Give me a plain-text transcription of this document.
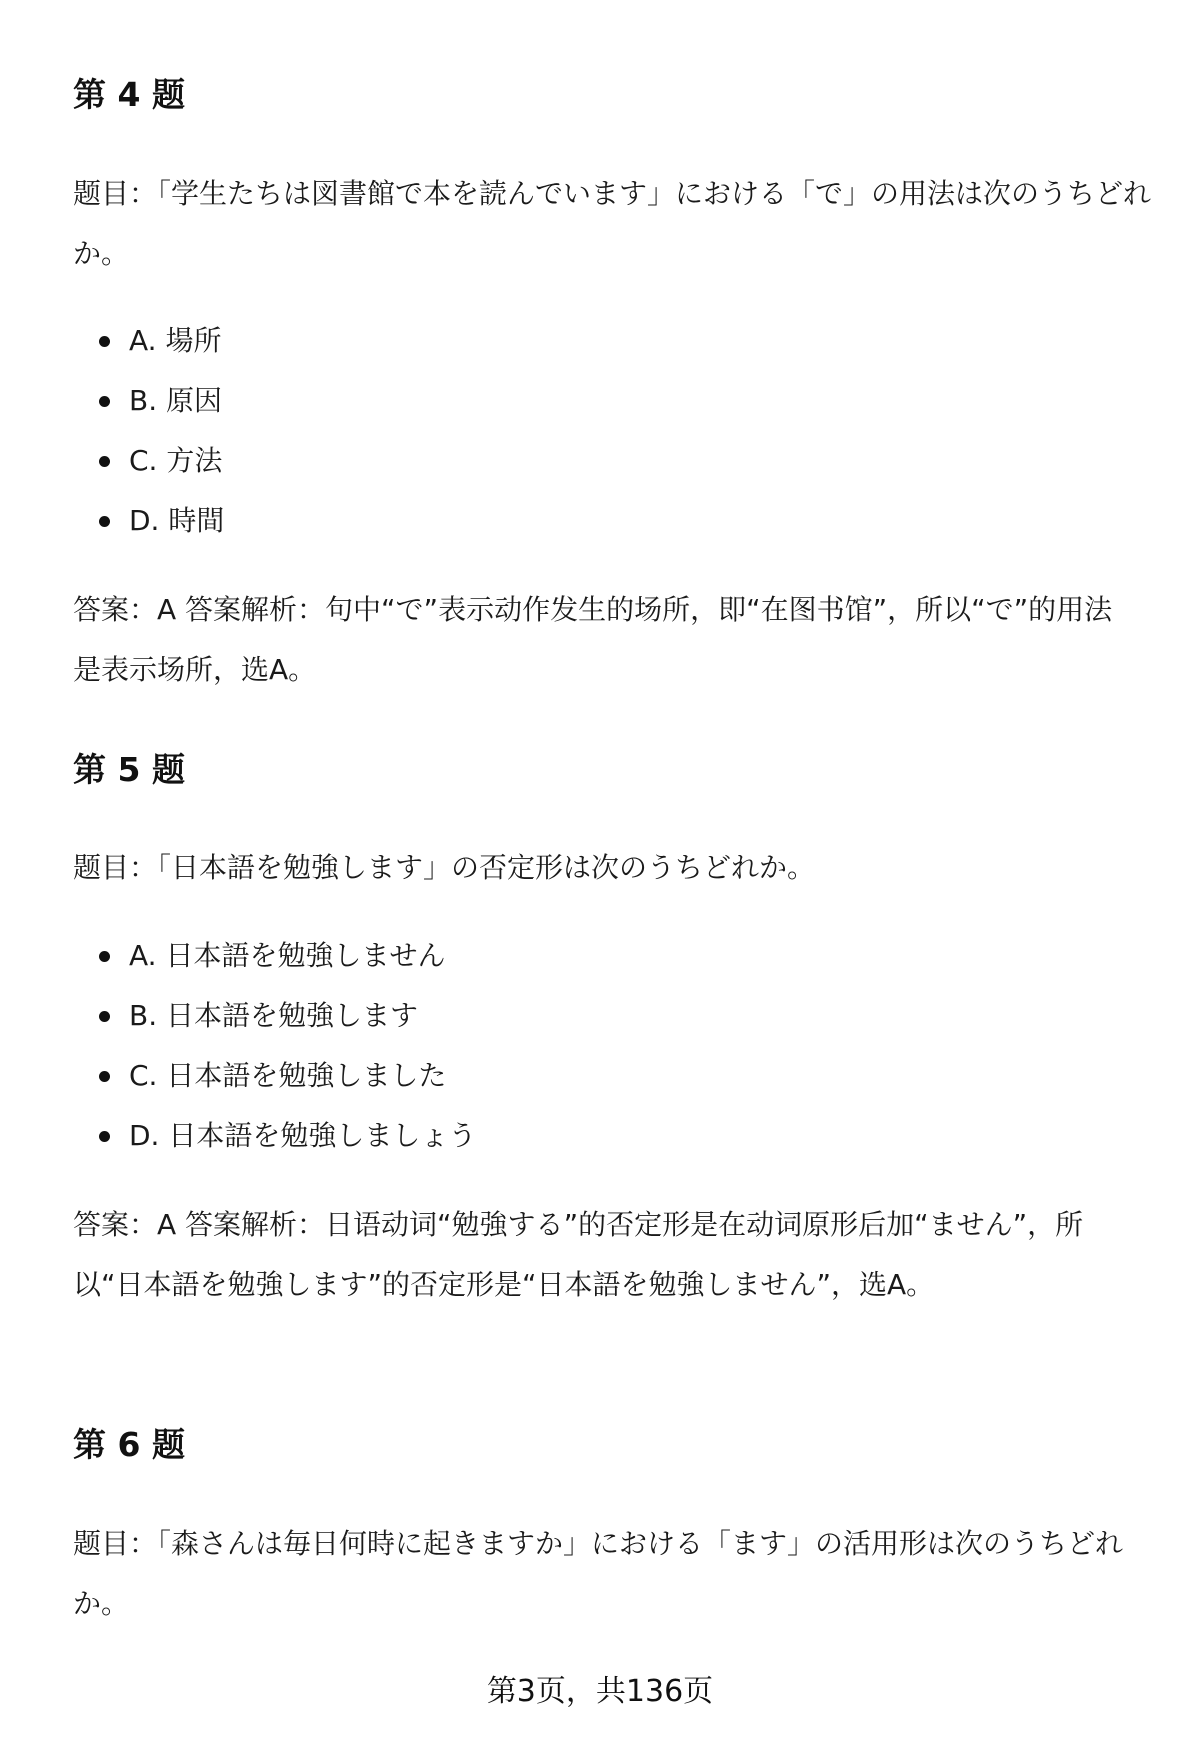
第 4 题

题目：「学生たちは図書館で本を読んでいます」における「で」の用法は次のうちどれか。

A. 場所
B. 原因
C. 方法
D. 時間

答案：A 答案解析：句中“で”表示动作发生的场所，即“在图书馆”，所以“で”的用法是表示场所，选A。

第 5 题

题目：「日本語を勉強します」の否定形は次のうちどれか。

A. 日本語を勉強しません
B. 日本語を勉強します
C. 日本語を勉強しました
D. 日本語を勉強しましょう

答案：A 答案解析：日语动词“勉強する”的否定形是在动词原形后加“ません”，所以“日本語を勉強します”的否定形是“日本語を勉強しません”，选A。

第 6 题

题目：「森さんは毎日何時に起きますか」における「ます」の活用形は次のうちどれか。

第3页，共136页
